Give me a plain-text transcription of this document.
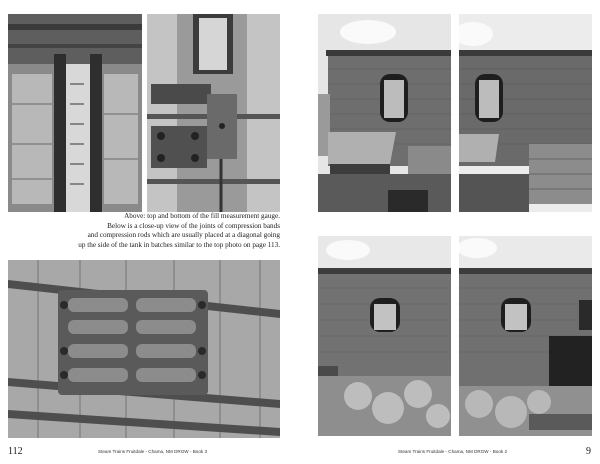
Above: top and bottom of the fill measurement gauge.
Below is a close-up view of the joints of compression bands
and compression rods which are usually placed at a diagonal going
up the side of the tank in batches similar to the top photo on page 113.
112	Steam Trains Fruitdale - Chama, NM DRGW - Book 3	Steam Trains Fruitdale - Chama, NM DRGW - Book 2	9
